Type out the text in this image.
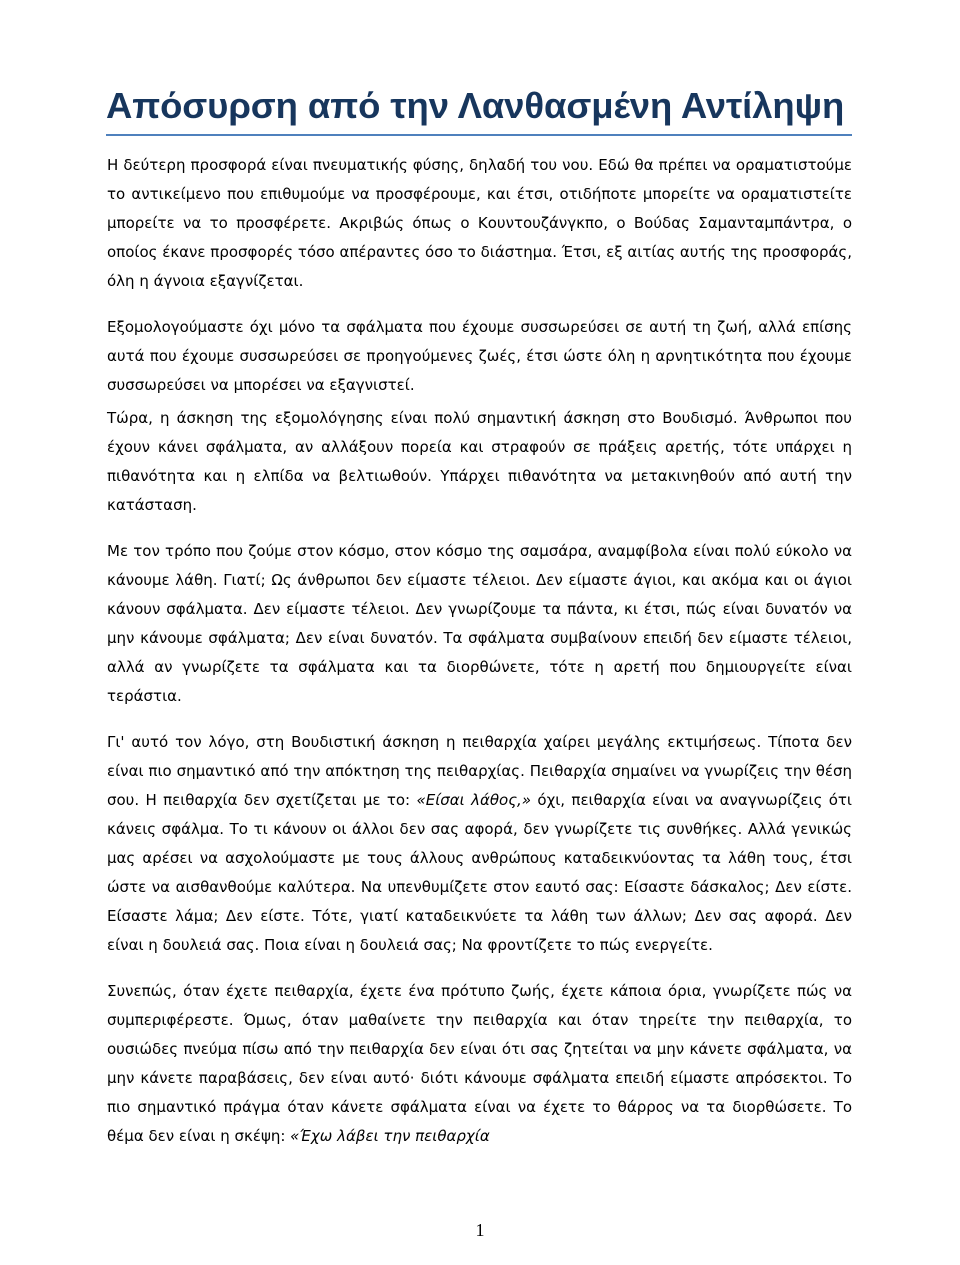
Απόσυρση από την Λανθασμένη Αντίληψη

Η δεύτερη προσφορά είναι πνευματικής φύσης, δηλαδή του νου. Εδώ θα πρέπει να οραματιστούμε το αντικείμενο που επιθυμούμε να προσφέρουμε, και έτσι, οτιδήποτε μπορείτε να οραματιστείτε μπορείτε να το προσφέρετε. Ακριβώς όπως ο Κουντουζάνγκπο, ο Βούδας Σαμανταμπάντρα, ο οποίος έκανε προσφορές τόσο απέραντες όσο το διάστημα. Έτσι, εξ αιτίας αυτής της προσφοράς, όλη η άγνοια εξαγνίζεται.

Εξομολογούμαστε όχι μόνο τα σφάλματα που έχουμε συσσωρεύσει σε αυτή τη ζωή, αλλά επίσης αυτά που έχουμε συσσωρεύσει σε προηγούμενες ζωές, έτσι ώστε όλη η αρνητικότητα που έχουμε συσσωρεύσει να μπορέσει να εξαγνιστεί.

Τώρα, η άσκηση της εξομολόγησης είναι πολύ σημαντική άσκηση στο Βουδισμό. Άνθρωποι που έχουν κάνει σφάλματα, αν αλλάξουν πορεία και στραφούν σε πράξεις αρετής, τότε υπάρχει η πιθανότητα και η ελπίδα να βελτιωθούν. Υπάρχει πιθανότητα να μετακινηθούν από αυτή την κατάσταση.

Με τον τρόπο που ζούμε στον κόσμο, στον κόσμο της σαμσάρα, αναμφίβολα είναι πολύ εύκολο να κάνουμε λάθη. Γιατί; Ως άνθρωποι δεν είμαστε τέλειοι. Δεν είμαστε άγιοι, και ακόμα και οι άγιοι κάνουν σφάλματα. Δεν είμαστε τέλειοι. Δεν γνωρίζουμε τα πάντα, κι έτσι, πώς είναι δυνατόν να μην κάνουμε σφάλματα; Δεν είναι δυνατόν. Τα σφάλματα συμβαίνουν επειδή δεν είμαστε τέλειοι, αλλά αν γνωρίζετε τα σφάλματα και τα διορθώνετε, τότε η αρετή που δημιουργείτε είναι τεράστια.

Γι' αυτό τον λόγο, στη Βουδιστική άσκηση η πειθαρχία χαίρει μεγάλης εκτιμήσεως. Τίποτα δεν είναι πιο σημαντικό από την απόκτηση της πειθαρχίας. Πειθαρχία σημαίνει να γνωρίζεις την θέση σου. Η πειθαρχία δεν σχετίζεται με το: «Είσαι λάθος,» όχι, πειθαρχία είναι να αναγνωρίζεις ότι κάνεις σφάλμα. Το τι κάνουν οι άλλοι δεν σας αφορά, δεν γνωρίζετε τις συνθήκες. Αλλά γενικώς μας αρέσει να ασχολούμαστε με τους άλλους ανθρώπους καταδεικνύοντας τα λάθη τους, έτσι ώστε να αισθανθούμε καλύτερα. Να υπενθυμίζετε στον εαυτό σας: Είσαστε δάσκαλος; Δεν είστε. Είσαστε λάμα; Δεν είστε. Τότε, γιατί καταδεικνύετε τα λάθη των άλλων; Δεν σας αφορά. Δεν είναι η δουλειά σας. Ποια είναι η δουλειά σας; Να φροντίζετε το πώς ενεργείτε.

Συνεπώς, όταν έχετε πειθαρχία, έχετε ένα πρότυπο ζωής, έχετε κάποια όρια, γνωρίζετε πώς να συμπεριφέρεστε. Όμως, όταν μαθαίνετε την πειθαρχία και όταν τηρείτε την πειθαρχία, το ουσιώδες πνεύμα πίσω από την πειθαρχία δεν είναι ότι σας ζητείται να μην κάνετε σφάλματα, να μην κάνετε παραβάσεις, δεν είναι αυτό· διότι κάνουμε σφάλματα επειδή είμαστε απρόσεκτοι. Το πιο σημαντικό πράγμα όταν κάνετε σφάλματα είναι να έχετε το θάρρος να τα διορθώσετε. Το θέμα δεν είναι η σκέψη: «Έχω λάβει την πειθαρχία

1
